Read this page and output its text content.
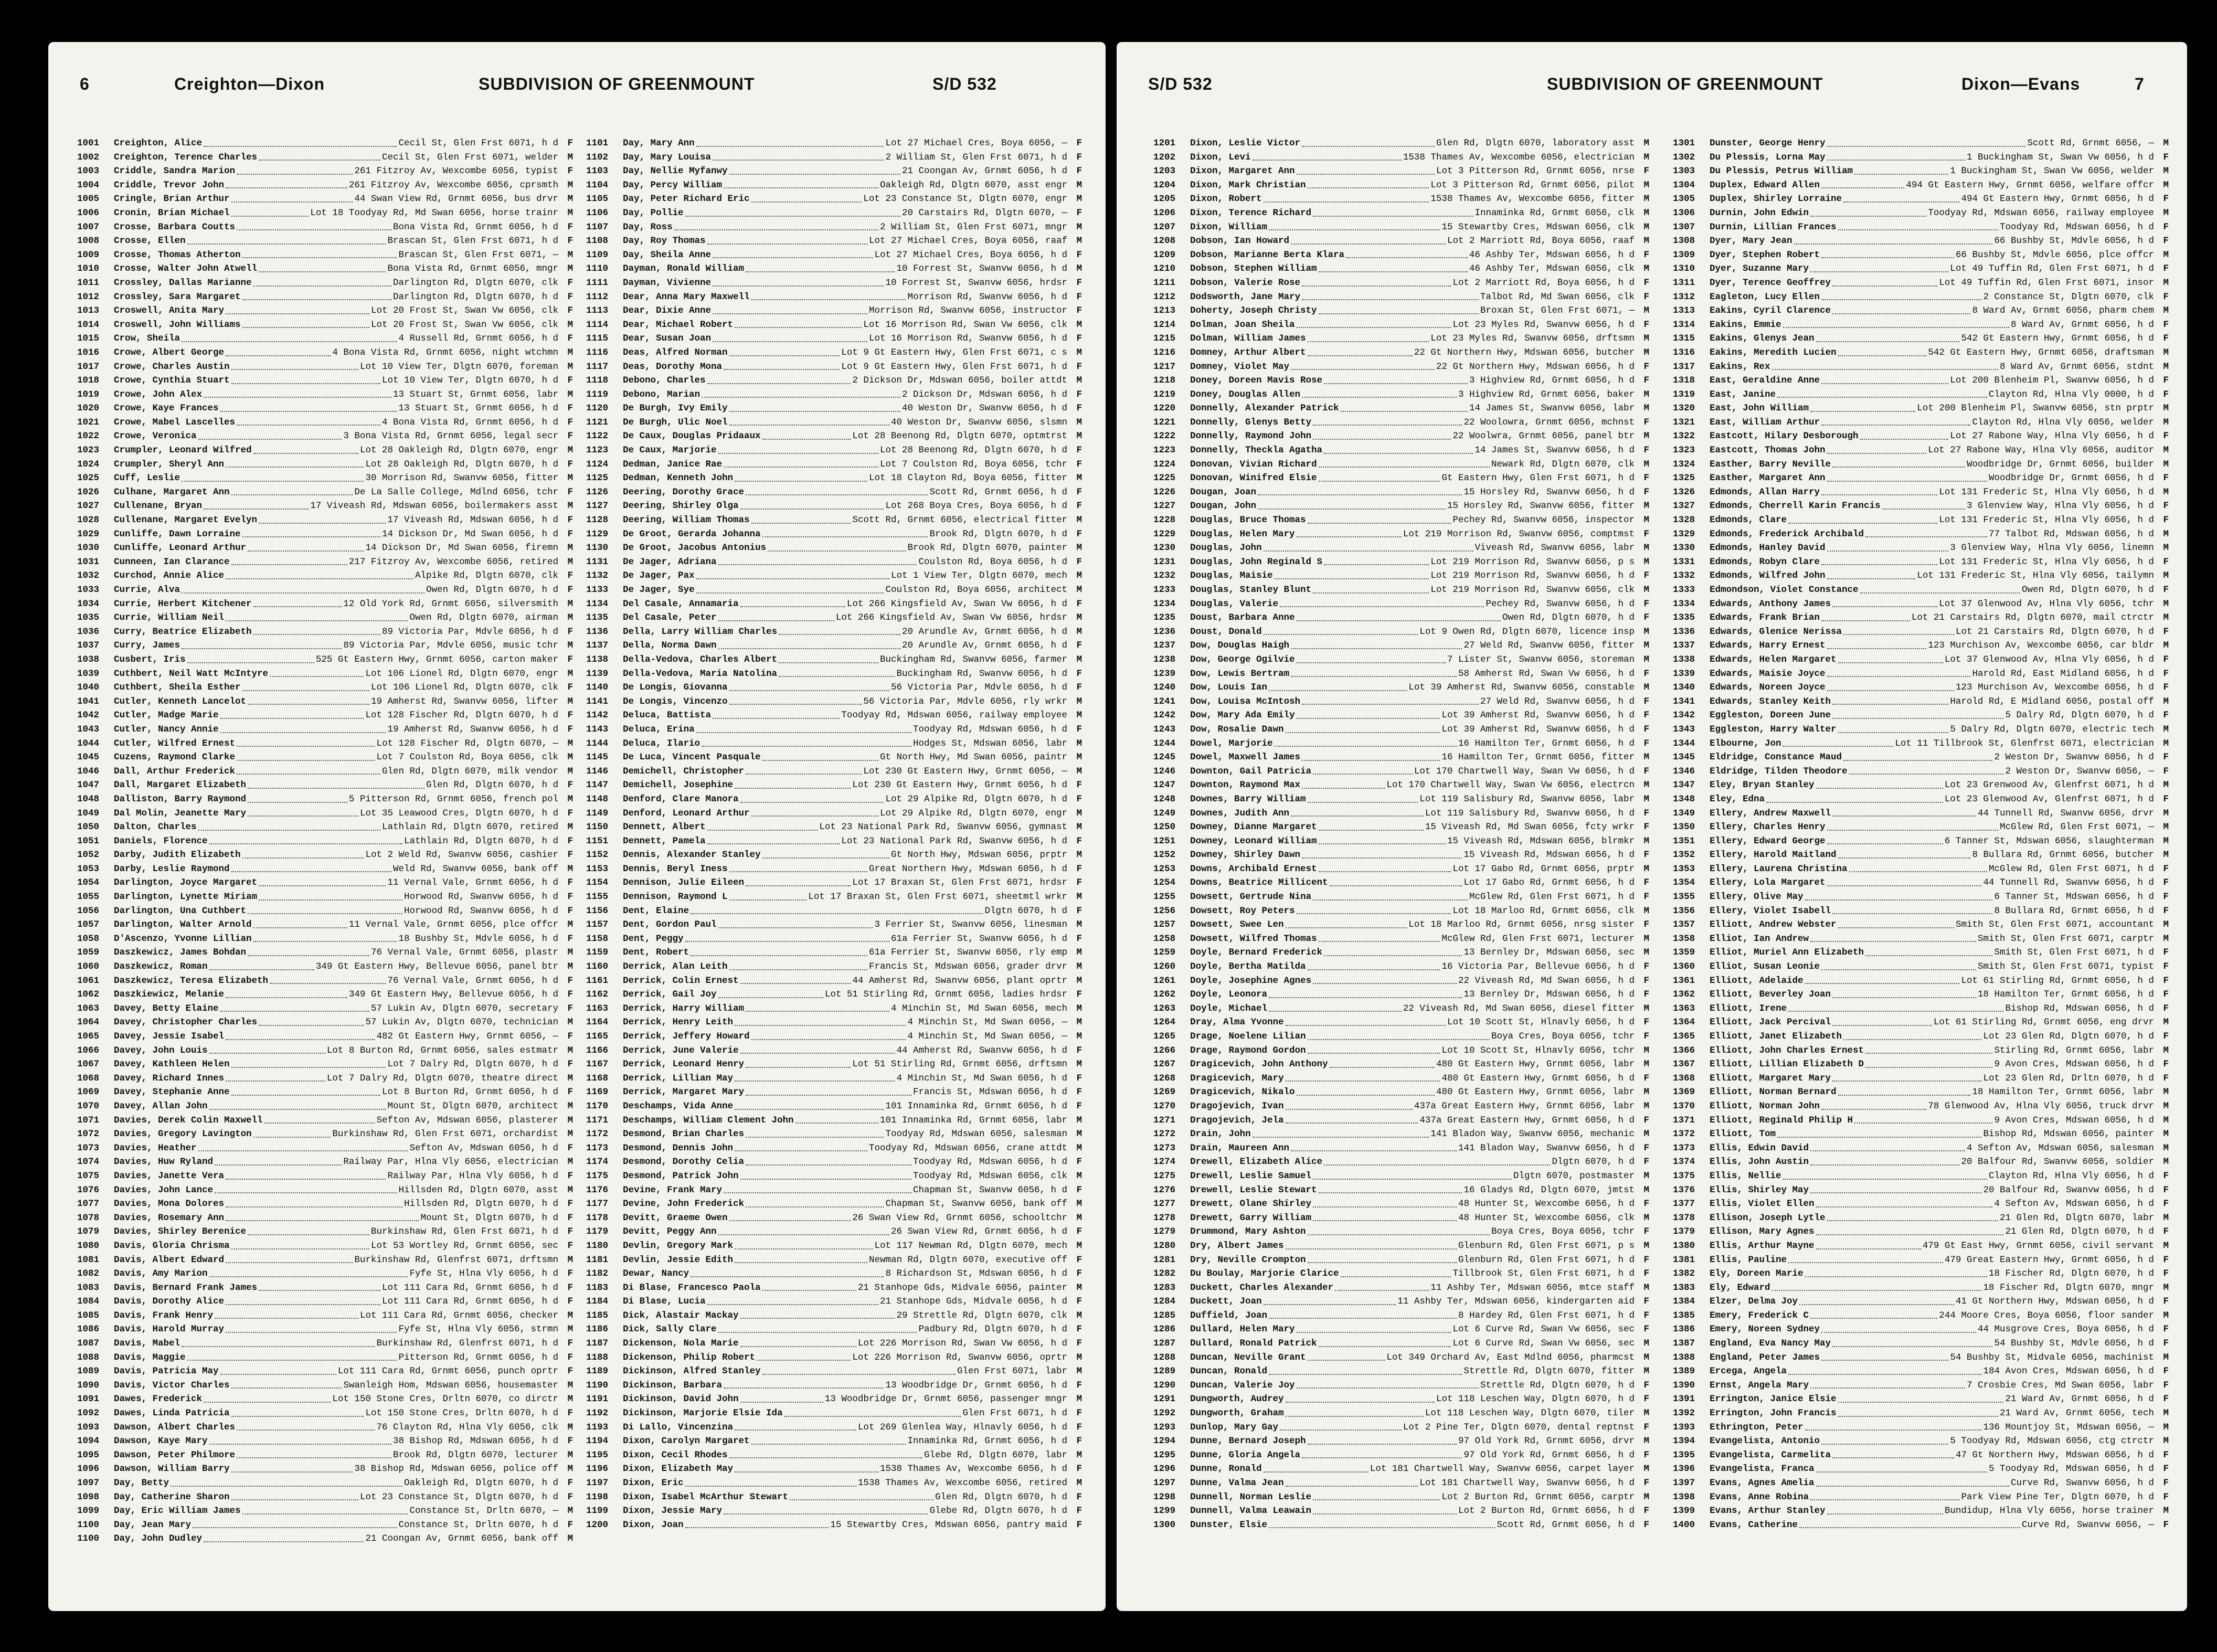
6	Creighton—Dixon	SUBDIVISION OF GREENMOUNT	S/D 532
1001	Creighton, Alice	Cecil St, Glen Frst 6071, h d F
1002	Creighton, Terence Charles	Cecil St, Glen Frst 6071, welder M
1003	Criddle, Sandra Marion	261 Fitzroy Av, Wexcombe 6056, typist F
1004	Criddle, Trevor John	261 Fitzroy Av, Wexcombe 6056, cprsmth M
1005	Cringle, Brian Arthur	44 Swan View Rd, Grnmt 6056, bus drvr M
1006	Cronin, Brian Michael	Lot 18 Toodyay Rd, Md Swan 6056, horse trainr M
1007	Crosse, Barbara Coutts	Bona Vista Rd, Grnmt 6056, h d F
1008	Crosse, Ellen	Brascan St, Glen Frst 6071, h d F
1009	Crosse, Thomas Atherton	Brascan St, Glen Frst 6071, — M
1010	Crosse, Walter John Atwell	Bona Vista Rd, Grnmt 6056, mngr M
1011	Crossley, Dallas Marianne	Darlington Rd, Dlgtn 6070, clk F
1012	Crossley, Sara Margaret	Darlington Rd, Dlgtn 6070, h d F
1013	Croswell, Anita Mary	Lot 20 Frost St, Swan Vw 6056, clk F
1014	Croswell, John Williams	Lot 20 Frost St, Swan Vw 6056, clk M
1015	Crow, Sheila	4 Russell Rd, Grnmt 6056, h d F
1016	Crowe, Albert George	4 Bona Vista Rd, Grnmt 6056, night wtchmn M
1017	Crowe, Charles Austin	Lot 10 View Ter, Dlgtn 6070, foreman M
1018	Crowe, Cynthia Stuart	Lot 10 View Ter, Dlgtn 6070, h d F
1019	Crowe, John Alex	13 Stuart St, Grnmt 6056, labr M
1020	Crowe, Kaye Frances	13 Stuart St, Grnmt 6056, h d F
1021	Crowe, Mabel Lascelles	4 Bona Vista Rd, Grnmt 6056, h d F
1022	Crowe, Veronica	3 Bona Vista Rd, Grnmt 6056, legal secr F
1023	Crumpler, Leonard Wilfred	Lot 28 Oakleigh Rd, Dlgtn 6070, engr M
1024	Crumpler, Sheryl Ann	Lot 28 Oakleigh Rd, Dlgtn 6070, h d F
1025	Cuff, Leslie	30 Morrison Rd, Swanvw 6056, fitter M
1026	Culhane, Margaret Ann	De La Salle College, Mdlnd 6056, tchr F
1027	Cullenane, Bryan	17 Viveash Rd, Mdswan 6056, boilermakers asst M
1028	Cullenane, Margaret Evelyn	17 Viveash Rd, Mdswan 6056, h d F
1029	Cunliffe, Dawn Lorraine	14 Dickson Dr, Md Swan 6056, h d F
1030	Cunliffe, Leonard Arthur	14 Dickson Dr, Md Swan 6056, firemn M
1031	Cunneen, Ian Clarance	217 Fitzroy Av, Wexcombe 6056, retired M
1032	Curchod, Annie Alice	Alpike Rd, Dlgtn 6070, clk F
1033	Currie, Alva	Owen Rd, Dlgtn 6070, h d F
1034	Currie, Herbert Kitchener	12 Old York Rd, Grnmt 6056, silversmith M
1035	Currie, William Neil	Owen Rd, Dlgtn 6070, airman M
1036	Curry, Beatrice Elizabeth	89 Victoria Par, Mdvle 6056, h d F
1037	Curry, James	89 Victoria Par, Mdvle 6056, music tchr M
1038	Cusbert, Iris	525 Gt Eastern Hwy, Grnmt 6056, carton maker F
1039	Cuthbert, Neil Watt McIntyre	Lot 106 Lionel Rd, Dlgtn 6070, engr M
1040	Cuthbert, Sheila Esther	Lot 106 Lionel Rd, Dlgtn 6070, clk F
1041	Cutler, Kenneth Lancelot	19 Amherst Rd, Swanvw 6056, lifter M
1042	Cutler, Madge Marie	Lot 128 Fischer Rd, Dlgtn 6070, h d F
1043	Cutler, Nancy Annie	19 Amherst Rd, Swanvw 6056, h d F
1044	Cutler, Wilfred Ernest	Lot 128 Fischer Rd, Dlgtn 6070, — M
1045	Cuzens, Raymond Clarke	Lot 7 Coulston Rd, Boya 6056, clk M
1046	Dall, Arthur Frederick	Glen Rd, Dlgtn 6070, milk vendor M
1047	Dall, Margaret Elizabeth	Glen Rd, Dlgtn 6070, h d F
1048	Dalliston, Barry Raymond	5 Pitterson Rd, Grnmt 6056, french pol M
1049	Dal Molin, Jeanette Mary	Lot 35 Leawood Cres, Dlgtn 6070, h d F
1050	Dalton, Charles	Lathlain Rd, Dlgtn 6070, retired M
1051	Daniels, Florence	Lathlain Rd, Dlgtn 6070, h d F
1052	Darby, Judith Elizabeth	Lot 2 Weld Rd, Swanvw 6056, cashier F
1053	Darby, Leslie Raymond	Weld Rd, Swanvw 6056, bank off M
1054	Darlington, Joyce Margaret	11 Vernal Vale, Grnmt 6056, h d F
1055	Darlington, Lynette Miriam	Horwood Rd, Swanvw 6056, h d F
1056	Darlington, Una Cuthbert	Horwood Rd, Swanvw 6056, h d F
1057	Darlington, Walter Arnold	11 Vernal Vale, Grnmt 6056, plce offcr M
1058	D'Ascenzo, Yvonne Lillian	18 Bushby St, Mdvle 6056, h d F
1059	Daszkewicz, James Bohdan	76 Vernal Vale, Grnmt 6056, plastr M
1060	Daszkewicz, Roman	349 Gt Eastern Hwy, Bellevue 6056, panel btr M
1061	Daszkewicz, Teresa Elizabeth	76 Vernal Vale, Grnmt 6056, h d F
1062	Daszkiewicz, Melanie	349 Gt Eastern Hwy, Bellevue 6056, h d F
1063	Davey, Betty Elaine	57 Lukin Av, Dlgtn 6070, secretary F
1064	Davey, Christopher Charles	57 Lukin Av, Dlgtn 6070, technician M
1065	Davey, Jessie Isabel	482 Gt Eastern Hwy, Grnmt 6056, — F
1066	Davey, John Louis	Lot 8 Burton Rd, Grnmt 6056, sales estmatr M
1067	Davey, Kathleen Helen	Lot 7 Dalry Rd, Dlgtn 6070, h d F
1068	Davey, Richard Innes	Lot 7 Dalry Rd, Dlgtn 6070, theatre direct M
1069	Davey, Stephanie Anne	Lot 8 Burton Rd, Grnmt 6056, h d F
1070	Davey, Allan John	Mount St, Dlgtn 6070, architect M
1071	Davies, Derek Colin Maxwell	Sefton Av, Mdswan 6056, plasterer M
1072	Davies, Gregory Lavington	Burkinshaw Rd, Glen Frst 6071, orchardist M
1073	Davies, Heather	Sefton Av, Mdswan 6056, h d F
1074	Davies, Huw Ryland	Railway Par, Hlna Vly 6056, electrician M
1075	Davies, Janette Vera	Railway Par, Hlna Vly 6056, h d F
1076	Davies, John Lance	Hillsden Rd, Dlgtn 6070, asst M
1077	Davies, Mona Dolores	Hillsden Rd, Dlgtn 6070, h d F
1078	Davies, Rosemary Ann	Mount St, Dlgtn 6070, h d F
1079	Davies, Shirley Berenice	Burkinshaw Rd, Glen Frst 6071, h d F
1080	Davis, Gloria Chrisma	Lot 53 Wortley Rd, Grnmt 6056, sec F
1081	Davis, Albert Edward	Burkinshaw Rd, Glenfrst 6071, drftsmn M
1082	Davis, Amy Marion	Fyfe St, Hlna Vly 6056, h d F
1083	Davis, Bernard Frank James	Lot 111 Cara Rd, Grnmt 6056, h d F
1084	Davis, Dorothy Alice	Lot 111 Cara Rd, Grnmt 6056, h d F
1085	Davis, Frank Henry	Lot 111 Cara Rd, Grnmt 6056, checker M
1086	Davis, Harold Murray	Fyfe St, Hlna Vly 6056, strmn M
1087	Davis, Mabel	Burkinshaw Rd, Glenfrst 6071, h d F
1088	Davis, Maggie	Pitterson Rd, Grnmt 6056, h d F
1089	Davis, Patricia May	Lot 111 Cara Rd, Grnmt 6056, punch oprtr F
1090	Davis, Victor Charles	Swanleigh Hom, Mdswan 6056, housemaster M
1091	Dawes, Frederick	Lot 150 Stone Cres, Drltn 6070, co dirctr M
1092	Dawes, Linda Patricia	Lot 150 Stone Cres, Drltn 6070, h d F
1093	Dawson, Albert Charles	76 Clayton Rd, Hlna Vly 6056, clk M
1094	Dawson, Kaye Mary	38 Bishop Rd, Mdswan 6056, h d F
1095	Dawson, Peter Philmore	Brook Rd, Dlgtn 6070, lecturer M
1096	Dawson, William Barry	38 Bishop Rd, Mdswan 6056, police off M
1097	Day, Betty	Oakleigh Rd, Dlgtn 6070, h d F
1098	Day, Catherine Sharon	Lot 23 Constance St, Dlgtn 6070, h d F
1099	Day, Eric William James	Constance St, Drltn 6070, — M
1100	Day, Jean Mary	Constance St, Drltn 6070, h d F
1100	Day, John Dudley	21 Coongan Av, Grnmt 6056, bank off M
1101	Day, Mary Ann	Lot 27 Michael Cres, Boya 6056, — F
1102	Day, Mary Louisa	2 William St, Glen Frst 6071, h d F
1103	Day, Nellie Myfanwy	21 Coongan Av, Grnmt 6056, h d F
1104	Day, Percy William	Oakleigh Rd, Dlgtn 6070, asst engr M
1105	Day, Peter Richard Eric	Lot 23 Constance St, Dlgtn 6070, engr M
1106	Day, Pollie	20 Carstairs Rd, Dlgtn 6070, — F
1107	Day, Ross	2 William St, Glen Frst 6071, mngr M
1108	Day, Roy Thomas	Lot 27 Michael Cres, Boya 6056, raaf M
1109	Day, Sheila Anne	Lot 27 Michael Cres, Boya 6056, h d F
1110	Dayman, Ronald William	10 Forrest St, Swanvw 6056, h d M
1111	Dayman, Vivienne	10 Forrest St, Swanvw 6056, hrdsr F
1112	Dear, Anna Mary Maxwell	Morrison Rd, Swanvw 6056, h d F
1113	Dear, Dixie Anne	Morrison Rd, Swanvw 6056, instructor F
1114	Dear, Michael Robert	Lot 16 Morrison Rd, Swan Vw 6056, clk M
1115	Dear, Susan Joan	Lot 16 Morrison Rd, Swanvw 6056, h d F
1116	Deas, Alfred Norman	Lot 9 Gt Eastern Hwy, Glen Frst 6071, c s M
1117	Deas, Dorothy Mona	Lot 9 Gt Eastern Hwy, Glen Frst 6071, h d F
1118	Debono, Charles	2 Dickson Dr, Mdswan 6056, boiler attdt M
1119	Debono, Marian	2 Dickson Dr, Mdswan 6056, h d F
1120	De Burgh, Ivy Emily	40 Weston Dr, Swanvw 6056, h d F
1121	De Burgh, Ulic Noel	40 Weston Dr, Swanvw 6056, slsmn M
1122	De Caux, Douglas Pridaaux	Lot 28 Beenong Rd, Dlgtn 6070, optmtrst M
1123	De Caux, Marjorie	Lot 28 Beenong Rd, Dlgtn 6070, h d F
1124	Dedman, Janice Rae	Lot 7 Coulston Rd, Boya 6056, tchr F
1125	Dedman, Kenneth John	Lot 18 Clayton Rd, Boya 6056, fitter M
1126	Deering, Dorothy Grace	Scott Rd, Grnmt 6056, h d F
1127	Deering, Shirley Olga	Lot 268 Boya Cres, Boya 6056, h d F
1128	Deering, William Thomas	Scott Rd, Grnmt 6056, electrical fitter M
1129	De Groot, Gerarda Johanna	Brook Rd, Dlgtn 6070, h d F
1130	De Groot, Jacobus Antonius	Brook Rd, Dlgtn 6070, painter M
1131	De Jager, Adriana	Coulston Rd, Boya 6056, h d F
1132	De Jager, Pax	Lot 1 View Ter, Dlgtn 6070, mech M
1133	De Jager, Sye	Coulston Rd, Boya 6056, architect M
1134	Del Casale, Annamaria	Lot 266 Kingsfield Av, Swan Vw 6056, h d F
1135	Del Casale, Peter	Lot 266 Kingsfield Av, Swan Vw 6056, hrdsr M
1136	Della, Larry William Charles	20 Arundle Av, Grnmt 6056, h d M
1137	Della, Norma Dawn	20 Arundle Av, Grnmt 6056, h d F
1138	Della-Vedova, Charles Albert	Buckingham Rd, Swanvw 6056, farmer M
1139	Della-Vedova, Maria Natolina	Buckingham Rd, Swanvw 6056, h d F
1140	De Longis, Giovanna	56 Victoria Par, Mdvle 6056, h d F
1141	De Longis, Vincenzo	56 Victoria Par, Mdvle 6056, rly wrkr M
1142	Deluca, Battista	Toodyay Rd, Mdswan 6056, railway employee M
1143	Deluca, Erina	Toodyay Rd, Mdswan 6056, h d F
1144	Deluca, Ilario	Hodges St, Mdswan 6056, labr M
1145	De Luca, Vincent Pasquale	Gt North Hwy, Md Swan 6056, paintr M
1146	Demichell, Christopher	Lot 230 Gt Eastern Hwy, Grnmt 6056, — M
1147	Demichell, Josephine	Lot 230 Gt Eastern Hwy, Grnmt 6056, h d F
1148	Denford, Clare Manora	Lot 29 Alpike Rd, Dlgtn 6070, h d F
1149	Denford, Leonard Arthur	Lot 29 Alpike Rd, Dlgtn 6070, engr M
1150	Dennett, Albert	Lot 23 National Park Rd, Swanvw 6056, gymnast M
1151	Dennett, Pamela	Lot 23 National Park Rd, Swanvw 6056, h d F
1152	Dennis, Alexander Stanley	Gt North Hwy, Mdswan 6056, prptr M
1153	Dennis, Beryl Iness	Great Northern Hwy, Mdswan 6056, h d F
1154	Dennison, Julie Eileen	Lot 17 Braxan St, Glen Frst 6071, hrdsr F
1155	Dennison, Raymond L	Lot 17 Braxan St, Glen Frst 6071, sheetmtl wrkr M
1156	Dent, Elaine	Dlgtn 6070, h d F
1157	Dent, Gordon Paul	3 Ferrier St, Swanvw 6056, linesman M
1158	Dent, Peggy	61a Ferrier St, Swanvw 6056, h d F
1159	Dent, Robert	61a Ferrier St, Swanvw 6056, rly emp M
1160	Derrick, Alan Leith	Francis St, Mdswan 6056, grader drvr M
1161	Derrick, Colin Ernest	44 Amherst Rd, Swanvw 6056, plant oprtr M
1162	Derrick, Gail Joy	Lot 51 Stirling Rd, Grnmt 6056, ladies hrdsr F
1163	Derrick, Harry William	4 Minchin St, Md Swan 6056, mech M
1164	Derrick, Henry Leith	4 Minchin St, Md Swan 6056, — M
1165	Derrick, Jeffery Howard	4 Minchin St, Md Swan 6056, — M
1166	Derrick, June Valerie	44 Amherst Rd, Swanvw 6056, h d F
1167	Derrick, Leonard Henry	Lot 51 Stirling Rd, Grnmt 6056, drftsmn M
1168	Derrick, Lillian May	4 Minchin St, Md Swan 6056, h d F
1169	Derrick, Margaret Mary	Francis St, Mdswan 6056, h d F
1170	Deschamps, Vida Anne	101 Innaminka Rd, Grnmt 6056, h d F
1171	Deschamps, William Clement John	101 Innaminka Rd, Grnmt 6056, labr M
1172	Desmond, Brian Charles	Toodyay Rd, Mdswan 6056, salesman M
1173	Desmond, Dennis John	Toodyay Rd, Mdswan 6056, crane attdt M
1174	Desmond, Dorothy Celia	Toodyay Rd, Mdswan 6056, h d F
1175	Desmond, Patrick John	Toodyay Rd, Mdswan 6056, clk M
1176	Devine, Frank Mary	Chapman St, Swanvw 6056, h d F
1177	Devine, John Frederick	Chapman St, Swanvw 6056, bank off M
1178	Devitt, Graeme Owen	26 Swan View Rd, Grnmt 6056, schooltchr M
1179	Devitt, Peggy Ann	26 Swan View Rd, Grnmt 6056, h d F
1180	Devlin, Gregory Mark	Lot 117 Newman Rd, Dlgtn 6070, mech M
1181	Devlin, Jessie Edith	Newman Rd, Dlgtn 6070, executive off F
1182	Dewar, Nancy	8 Richardson St, Mdswan 6056, h d F
1183	Di Blase, Francesco Paola	21 Stanhope Gds, Midvale 6056, painter M
1184	Di Blase, Lucia	21 Stanhope Gds, Midvale 6056, h d F
1185	Dick, Alastair Mackay	29 Strettle Rd, Dlgtn 6070, clk M
1186	Dick, Sally Clare	Padbury Rd, Dlgtn 6070, h d F
1187	Dickenson, Nola Marie	Lot 226 Morrison Rd, Swan Vw 6056, h d F
1188	Dickenson, Philip Robert	Lot 226 Morrison Rd, Swanvw 6056, oprtr M
1189	Dickinson, Alfred Stanley	Glen Frst 6071, labr M
1190	Dickinson, Barbara	13 Woodbridge Dr, Grnmt 6056, h d F
1191	Dickinson, David John	13 Woodbridge Dr, Grnmt 6056, passenger mngr M
1192	Dickinson, Marjorie Elsie Ida	Glen Frst 6071, h d F
1193	Di Lallo, Vincenzina	Lot 269 Glenlea Way, Hlnavly 6056, h d F
1194	Dixon, Carolyn Margaret	Innaminka Rd, Grnmt 6056, h d F
1195	Dixon, Cecil Rhodes	Glebe Rd, Dlgtn 6070, labr M
1196	Dixon, Elizabeth May	1538 Thames Av, Wexcombe 6056, h d F
1197	Dixon, Eric	1538 Thames Av, Wexcombe 6056, retired M
1198	Dixon, Isabel McArthur Stewart	Glen Rd, Dlgtn 6070, h d F
1199	Dixon, Jessie Mary	Glebe Rd, Dlgtn 6070, h d F
1200	Dixon, Joan	15 Stewartby Cres, Mdswan 6056, pantry maid F
S/D 532	SUBDIVISION OF GREENMOUNT	Dixon—Evans	7
1201	Dixon, Leslie Victor	Glen Rd, Dlgtn 6070, laboratory asst M
1202	Dixon, Levi	1538 Thames Av, Wexcombe 6056, electrician M
1203	Dixon, Margaret Ann	Lot 3 Pitterson Rd, Grnmt 6056, nrse F
1204	Dixon, Mark Christian	Lot 3 Pitterson Rd, Grnmt 6056, pilot M
1205	Dixon, Robert	1538 Thames Av, Wexcombe 6056, fitter M
1206	Dixon, Terence Richard	Innaminka Rd, Grnmt 6056, clk M
1207	Dixon, William	15 Stewartby Cres, Mdswan 6056, clk M
1208	Dobson, Ian Howard	Lot 2 Marriott Rd, Boya 6056, raaf M
1209	Dobson, Marianne Berta Klara	46 Ashby Ter, Mdswan 6056, h d F
1210	Dobson, Stephen William	46 Ashby Ter, Mdswan 6056, clk M
1211	Dobson, Valerie Rose	Lot 2 Marriott Rd, Boya 6056, h d F
1212	Dodsworth, Jane Mary	Talbot Rd, Md Swan 6056, clk F
1213	Doherty, Joseph Christy	Broxan St, Glen Frst 6071, — M
1214	Dolman, Joan Sheila	Lot 23 Myles Rd, Swanvw 6056, h d F
1215	Dolman, William James	Lot 23 Myles Rd, Swanvw 6056, drftsmn M
1216	Domney, Arthur Albert	22 Gt Northern Hwy, Mdswan 6056, butcher M
1217	Domney, Violet May	22 Gt Northern Hwy, Mdswan 6056, h d F
1218	Doney, Doreen Mavis Rose	3 Highview Rd, Grnmt 6056, h d F
1219	Doney, Douglas Allen	3 Highview Rd, Grnmt 6056, baker M
1220	Donnelly, Alexander Patrick	14 James St, Swanvw 6056, labr M
1221	Donnelly, Glenys Betty	22 Woolowra, Grnmt 6056, mchnst F
1222	Donnelly, Raymond John	22 Woolwra, Grnmt 6056, panel btr M
1223	Donnelly, Theckla Agatha	14 James St, Swanvw 6056, h d F
1224	Donovan, Vivian Richard	Newark Rd, Dlgtn 6070, clk M
1225	Donovan, Winifred Elsie	Gt Eastern Hwy, Glen Frst 6071, h d F
1226	Dougan, Joan	15 Horsley Rd, Swanvw 6056, h d F
1227	Dougan, John	15 Horsley Rd, Swanvw 6056, fitter M
1228	Douglas, Bruce Thomas	Pechey Rd, Swanvw 6056, inspector M
1229	Douglas, Helen Mary	Lot 219 Morrison Rd, Swanvw 6056, comptmst F
1230	Douglas, John	Viveash Rd, Swanvw 6056, labr M
1231	Douglas, John Reginald S	Lot 219 Morrison Rd, Swanvw 6056, p s M
1232	Douglas, Maisie	Lot 219 Morrison Rd, Swanvw 6056, h d F
1233	Douglas, Stanley Blunt	Lot 219 Morrison Rd, Swanvw 6056, clk M
1234	Douglas, Valerie	Pechey Rd, Swanvw 6056, h d F
1235	Doust, Barbara Anne	Owen Rd, Dlgtn 6070, h d F
1236	Doust, Donald	Lot 9 Owen Rd, Dlgtn 6070, licence insp M
1237	Dow, Douglas Haigh	27 Weld Rd, Swanvw 6056, fitter M
1238	Dow, George Ogilvie	7 Lister St, Swanvw 6056, storeman M
1239	Dow, Lewis Bertram	58 Amherst Rd, Swan Vw 6056, h d F
1240	Dow, Louis Ian	Lot 39 Amherst Rd, Swanvw 6056, constable M
1241	Dow, Louisa McIntosh	27 Weld Rd, Swanvw 6056, h d F
1242	Dow, Mary Ada Emily	Lot 39 Amherst Rd, Swanvw 6056, h d F
1243	Dow, Rosalie Dawn	Lot 39 Amherst Rd, Swanvw 6056, h d F
1244	Dowel, Marjorie	16 Hamilton Ter, Grnmt 6056, h d F
1245	Dowel, Maxwell James	16 Hamilton Ter, Grnmt 6056, fitter M
1246	Downton, Gail Patricia	Lot 170 Chartwell Way, Swan Vw 6056, h d F
1247	Downton, Raymond Max	Lot 170 Chartwell Way, Swan Vw 6056, electrcn M
1248	Downes, Barry William	Lot 119 Salisbury Rd, Swanvw 6056, labr M
1249	Downes, Judith Ann	Lot 119 Salisbury Rd, Swanvw 6056, h d F
1250	Downey, Dianne Margaret	15 Viveash Rd, Md Swan 6056, fcty wrkr F
1251	Downey, Leonard William	15 Viveash Rd, Mdswan 6056, blrmkr M
1252	Downey, Shirley Dawn	15 Viveash Rd, Mdswan 6056, h d F
1253	Downs, Archibald Ernest	Lot 17 Gabo Rd, Grnmt 6056, prptr M
1254	Downs, Beatrice Millicent	Lot 17 Gabo Rd, Grnmt 6056, h d F
1255	Dowsett, Gertrude Nina	McGlew Rd, Glen Frst 6071, h d F
1256	Dowsett, Roy Peters	Lot 18 Marloo Rd, Grnmt 6056, clk M
1257	Dowsett, Swee Len	Lot 18 Marloo Rd, Grnmt 6056, nrsg sister F
1258	Dowsett, Wilfred Thomas	McGlew Rd, Glen Frst 6071, lecturer M
1259	Doyle, Bernard Frederick	13 Bernley Dr, Mdswan 6056, sec M
1260	Doyle, Bertha Matilda	16 Victoria Par, Bellevue 6056, h d F
1261	Doyle, Josephine Agnes	22 Viveash Rd, Md Swan 6056, h d F
1262	Doyle, Leonora	13 Bernley Dr, Mdswan 6056, h d F
1263	Doyle, Michael	22 Viveash Rd, Md Swan 6056, diesel fitter M
1264	Dray, Alma Yvonne	Lot 10 Scott St, Hlnavly 6056, h d F
1265	Drage, Noelene Lilian	Boya Cres, Boya 6056, tchr F
1266	Drage, Raymond Gordon	Lot 10 Scott St, Hlnavly 6056, tchr M
1267	Dragicevich, John Anthony	480 Gt Eastern Hwy, Grnmt 6056, labr M
1268	Dragicevich, Mary	480 Gt Eastern Hwy, Grnmt 6056, h d F
1269	Dragicevich, Nikalo	480 Gt Eastern Hwy, Grnmt 6056, labr M
1270	Dragojevich, Ivan	437a Great Eastern Hwy, Grnmt 6056, labr M
1271	Dragojevich, Jela	437a Great Eastern Hwy, Grnmt 6056, h d F
1272	Drain, John	141 Bladon Way, Swanvw 6056, mechanic M
1273	Drain, Maureen Ann	141 Bladon Way, Swanvw 6056, h d F
1274	Drewell, Elizabeth Alice	Dlgtn 6070, h d F
1275	Drewell, Leslie Samuel	Dlgtn 6070, postmaster M
1276	Drewell, Leslie Stewart	16 Gladys Rd, Dlgtn 6070, jmtst M
1277	Drewett, Olane Shirley	48 Hunter St, Wexcombe 6056, h d F
1278	Drewett, Garry William	48 Hunter St, Wexcombe 6056, clk M
1279	Drummond, Mary Ashton	Boya Cres, Boya 6056, tchr F
1280	Dry, Albert James	Glenburn Rd, Glen Frst 6071, p s M
1281	Dry, Neville Crompton	Glenburn Rd, Glen Frst 6071, h d F
1282	Du Boulay, Marjorie Clarice	Tillbrook St, Glen Frst 6071, h d F
1283	Duckett, Charles Alexander	11 Ashby Ter, Mdswan 6056, mtce staff M
1284	Duckett, Joan	11 Ashby Ter, Mdswan 6056, kindergarten aid F
1285	Duffield, Joan	8 Hardey Rd, Glen Frst 6071, h d F
1286	Dullard, Helen Mary	Lot 6 Curve Rd, Swan Vw 6056, sec F
1287	Dullard, Ronald Patrick	Lot 6 Curve Rd, Swan Vw 6056, sec M
1288	Duncan, Neville Grant	Lot 349 Orchard Av, East Mdlnd 6056, pharmcst M
1289	Duncan, Ronald	Strettle Rd, Dlgtn 6070, fitter M
1290	Duncan, Valerie Joy	Strettle Rd, Dlgtn 6070, h d F
1291	Dungworth, Audrey	Lot 118 Leschen Way, Dlgtn 6070, h d F
1292	Dungworth, Graham	Lot 118 Leschen Way, Dlgtn 6070, tiler M
1293	Dunlop, Mary Gay	Lot 2 Pine Ter, Dlgtn 6070, dental reptnst F
1294	Dunne, Bernard Joseph	97 Old York Rd, Grnmt 6056, drvr M
1295	Dunne, Gloria Angela	97 Old York Rd, Grnmt 6056, h d F
1296	Dunne, Ronald	Lot 181 Chartwell Way, Swanvw 6056, carpet layer M
1297	Dunne, Valma Jean	Lot 181 Chartwell Way, Swanvw 6056, h d F
1298	Dunnell, Norman Leslie	Lot 2 Burton Rd, Grnmt 6056, carptr M
1299	Dunnell, Valma Leawain	Lot 2 Burton Rd, Grnmt 6056, h d F
1300	Dunster, Elsie	Scott Rd, Grnmt 6056, h d F
1301	Dunster, George Henry	Scott Rd, Grnmt 6056, — M
1302	Du Plessis, Lorna May	1 Buckingham St, Swan Vw 6056, h d F
1303	Du Plessis, Petrus William	1 Buckingham St, Swan Vw 6056, welder M
1304	Duplex, Edward Allen	494 Gt Eastern Hwy, Grnmt 6056, welfare offcr M
1305	Duplex, Shirley Lorraine	494 Gt Eastern Hwy, Grnmt 6056, h d F
1306	Durnin, John Edwin	Toodyay Rd, Mdswan 6056, railway employee M
1307	Durnin, Lillian Frances	Toodyay Rd, Mdswan 6056, h d F
1308	Dyer, Mary Jean	66 Bushby St, Mdvle 6056, h d F
1309	Dyer, Stephen Robert	66 Bushby St, Mdvle 6056, plce offcr M
1310	Dyer, Suzanne Mary	Lot 49 Tuffin Rd, Glen Frst 6071, h d F
1311	Dyer, Terence Geoffrey	Lot 49 Tuffin Rd, Glen Frst 6071, insor M
1312	Eagleton, Lucy Ellen	2 Constance St, Dlgtn 6070, clk F
1313	Eakins, Cyril Clarence	8 Ward Av, Grnmt 6056, pharm chem M
1314	Eakins, Emmie	8 Ward Av, Grnmt 6056, h d F
1315	Eakins, Glenys Jean	542 Gt Eastern Hwy, Grnmt 6056, h d F
1316	Eakins, Meredith Lucien	542 Gt Eastern Hwy, Grnmt 6056, draftsman M
1317	Eakins, Rex	8 Ward Av, Grnmt 6056, stdnt M
1318	East, Geraldine Anne	Lot 200 Blenheim Pl, Swanvw 6056, h d F
1319	East, Janine	Clayton Rd, Hlna Vly 0000, h d F
1320	East, John William	Lot 200 Blenheim Pl, Swanvw 6056, stn prptr M
1321	East, William Arthur	Clayton Rd, Hlna Vly 6056, welder M
1322	Eastcott, Hilary Desborough	Lot 27 Rabone Way, Hlna Vly 6056, h d F
1323	Eastcott, Thomas John	Lot 27 Rabone Way, Hlna Vly 6056, auditor M
1324	Easther, Barry Neville	Woodbridge Dr, Grnmt 6056, builder M
1325	Easther, Margaret Ann	Woodbridge Dr, Grnmt 6056, h d F
1326	Edmonds, Allan Harry	Lot 131 Frederic St, Hlna Vly 6056, h d M
1327	Edmonds, Cherrell Karin Francis	3 Glenview Way, Hlna Vly 6056, h d F
1328	Edmonds, Clare	Lot 131 Frederic St, Hlna Vly 6056, h d F
1329	Edmonds, Frederick Archibald	77 Talbot Rd, Mdswan 6056, h d M
1330	Edmonds, Hanley David	3 Glenview Way, Hlna Vly 6056, linemn M
1331	Edmonds, Robyn Clare	Lot 131 Frederic St, Hlna Vly 6056, h d F
1332	Edmonds, Wilfred John	Lot 131 Frederic St, Hlna Vly 6056, tailymn M
1333	Edmondson, Violet Constance	Owen Rd, Dlgtn 6070, h d F
1334	Edwards, Anthony James	Lot 37 Glenwood Av, Hlna Vly 6056, tchr M
1335	Edwards, Frank Brian	Lot 21 Carstairs Rd, Dlgtn 6070, mail ctrctr M
1336	Edwards, Glenice Nerissa	Lot 21 Carstairs Rd, Dlgtn 6070, h d F
1337	Edwards, Harry Ernest	123 Murchison Av, Wexcombe 6056, car bldr M
1338	Edwards, Helen Margaret	Lot 37 Glenwood Av, Hlna Vly 6056, h d F
1339	Edwards, Maisie Joyce	Harold Rd, East Midland 6056, h d F
1340	Edwards, Noreen Joyce	123 Murchison Av, Wexcombe 6056, h d F
1341	Edwards, Stanley Keith	Harold Rd, E Midland 6056, postal off M
1342	Eggleston, Doreen June	5 Dalry Rd, Dlgtn 6070, h d F
1343	Eggleston, Harry Walter	5 Dalry Rd, Dlgtn 6070, electric tech M
1344	Elbourne, Jon	Lot 11 Tillbrook St, Glenfrst 6071, electrician M
1345	Eldridge, Constance Maud	2 Weston Dr, Swanvw 6056, h d F
1346	Eldridge, Tilden Theodore	2 Weston Dr, Swanvw 6056, — F
1347	Eley, Bryan Stanley	Lot 23 Grenwood Av, Glenfrst 6071, h d M
1348	Eley, Edna	Lot 23 Glenwood Av, Glenfrst 6071, h d F
1349	Ellery, Andrew Maxwell	44 Tunnell Rd, Swanvw 6056, drvr M
1350	Ellery, Charles Henry	McGlew Rd, Glen Frst 6071, — M
1351	Ellery, Edward George	6 Tanner St, Mdswan 6056, slaughterman M
1352	Ellery, Harold Maitland	8 Bullara Rd, Grnmt 6056, butcher M
1353	Ellery, Laurena Christina	McGlew Rd, Glen Frst 6071, h d F
1354	Ellery, Lola Margaret	44 Tunnell Rd, Swanvw 6056, h d F
1355	Ellery, Olive May	6 Tanner St, Mdswan 6056, h d F
1356	Ellery, Violet Isabell	8 Bullara Rd, Grnmt 6056, h d F
1357	Elliott, Andrew Webster	Smith St, Glen Frst 6071, accountant M
1358	Elliot, Ian Andrew	Smith St, Glen Frst 6071, carptr M
1359	Elliot, Muriel Ann Elizabeth	Smith St, Glen Frst 6071, h d F
1360	Elliot, Susan Leonie	Smith St, Glen Frst 6071, typist F
1361	Elliott, Adelaide	Lot 61 Stirling Rd, Grnmt 6056, h d F
1362	Elliott, Beverley Joan	18 Hamilton Ter, Grnmt 6056, h d F
1363	Elliott, Irene	Bishop Rd, Mdswan 6056, h d F
1364	Elliott, Jack Percival	Lot 61 Stirling Rd, Grnmt 6056, eng drvr M
1365	Elliott, Janet Elizabeth	Lot 23 Glen Rd, Dlgtn 6070, h d F
1366	Elliott, John Charles Ernest	Stirling Rd, Grnmt 6056, labr M
1367	Elliott, Lillian Elizabeth D	9 Avon Cres, Mdswan 6056, h d F
1368	Elliott, Margaret Mary	Lot 23 Glen Rd, Drltn 6070, h d F
1369	Elliott, Norman Bernard	18 Hamilton Ter, Grnmt 6056, labr M
1370	Elliott, Norman John	78 Glenwood Av, Hlna Vly 6056, truck drvr M
1371	Elliott, Reginald Philip H	9 Avon Cres, Mdswan 6056, h d M
1372	Elliott, Tom	Bishop Rd, Mdswan 6056, painter M
1373	Ellis, Edwin David	4 Sefton Av, Mdswan 6056, salesman M
1374	Ellis, John Austin	20 Balfour Rd, Swanvw 6056, soldier M
1375	Ellis, Nellie	Clayton Rd, Hlna Vly 6056, h d F
1376	Ellis, Shirley May	20 Balfour Rd, Swanvw 6056, h d F
1377	Ellis, Violet Ellen	4 Sefton Av, Mdswan 6056, h d F
1378	Ellison, Joseph Lytle	21 Glen Rd, Dlgtn 6070, labr M
1379	Ellison, Mary Agnes	21 Glen Rd, Dlgtn 6070, h d F
1380	Ellis, Arthur Mayne	479 Gt East Hwy, Grnmt 6056, civil servant M
1381	Ellis, Pauline	479 Great Eastern Hwy, Grnmt 6056, h d F
1382	Ely, Doreen Marie	18 Fischer Rd, Dlgtn 6070, h d F
1383	Ely, Edward	18 Fischer Rd, Dlgtn 6070, mngr M
1384	Elzer, Delma Joy	41 Gt Northern Hwy, Mdswan 6056, h d F
1385	Emery, Frederick C	244 Moore Cres, Boya 6056, floor sander M
1386	Emery, Noreen Sydney	44 Musgrove Cres, Boya 6056, h d F
1387	England, Eva Nancy May	54 Bushby St, Mdvle 6056, h d F
1388	England, Peter James	54 Bushby St, Midvale 6056, machinist M
1389	Ercega, Angela	184 Avon Cres, Mdswan 6056, h d F
1390	Ernst, Angela Mary	7 Crosbie Cres, Md Swan 6056, labr F
1391	Errington, Janice Elsie	21 Ward Av, Grnmt 6056, h d F
1392	Errington, John Francis	21 Ward Av, Grnmt 6056, tech M
1393	Ethrington, Peter	136 Mountjoy St, Mdswan 6056, — M
1394	Evangelista, Antonio	5 Toodyay Rd, Mdswan 6056, ctg ctrctr M
1395	Evangelista, Carmelita	47 Gt Northern Hwy, Mdswan 6056, h d F
1396	Evangelista, Franca	5 Toodyay Rd, Mdswan 6056, h d F
1397	Evans, Agnes Amelia	Curve Rd, Swanvw 6056, h d F
1398	Evans, Anne Robina	Park View Pine Ter, Dlgtn 6070, h d F
1399	Evans, Arthur Stanley	Bundidup, Hlna Vly 6056, horse trainer M
1400	Evans, Catherine	Curve Rd, Swanvw 6056, — F
